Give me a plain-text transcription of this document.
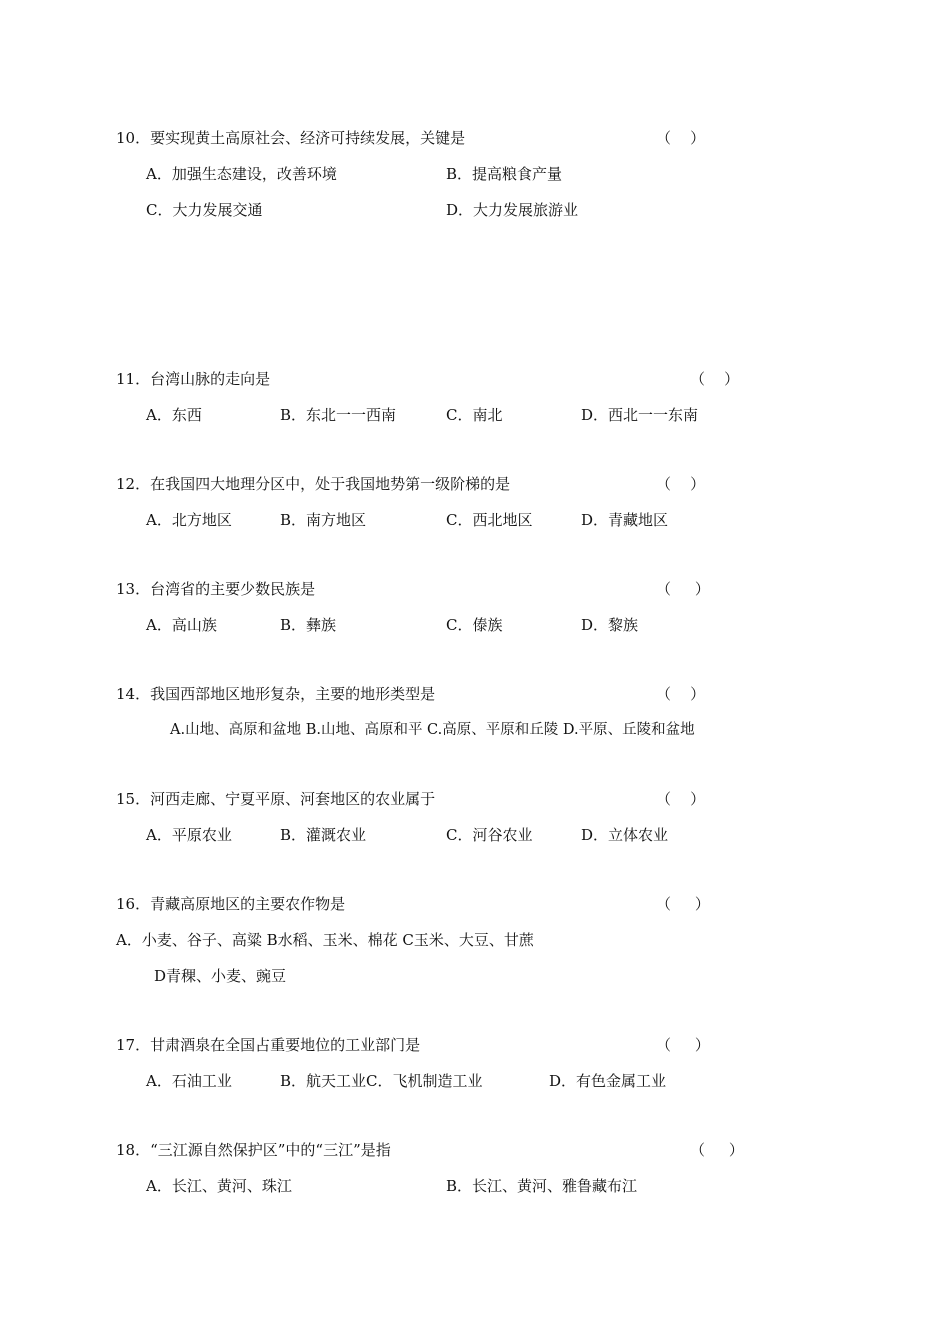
10．要实现黄土高原社会、经济可持续发展，关键是	（    ）
A．加强生态建设，改善环境	B．提高粮食产量
C．大力发展交通	D．大力发展旅游业
11．台湾山脉的走向是	（    ）
A．东西	B．东北一一西南	C．南北	D．西北一一东南
12．在我国四大地理分区中，处于我国地势第一级阶梯的是	（    ）
A．北方地区	B．南方地区	C．西北地区	D．青藏地区
13．台湾省的主要少数民族是	（     ）
A．高山族	B．彝族	C．傣族	D．黎族
14．我国西部地区地形复杂，主要的地形类型是	（    ）
A.山地、高原和盆地 B.山地、高原和平 C.高原、平原和丘陵 D.平原、丘陵和盆地
15．河西走廊、宁夏平原、河套地区的农业属于	（    ）
A．平原农业	B．灌溉农业	C．河谷农业	D．立体农业
16．青藏高原地区的主要农作物是	（     ）
A．小麦、谷子、高粱 B水稻、玉米、棉花 C玉米、大豆、甘蔗
D青稞、小麦、豌豆
17．甘肃酒泉在全国占重要地位的工业部门是	（     ）
A．石油工业	B．航天工业C．飞机制造工业	D．有色金属工业
18．“三江源自然保护区”中的“三江”是指	（     ）
A．长江、黄河、珠江	B．长江、黄河、雅鲁藏布江
